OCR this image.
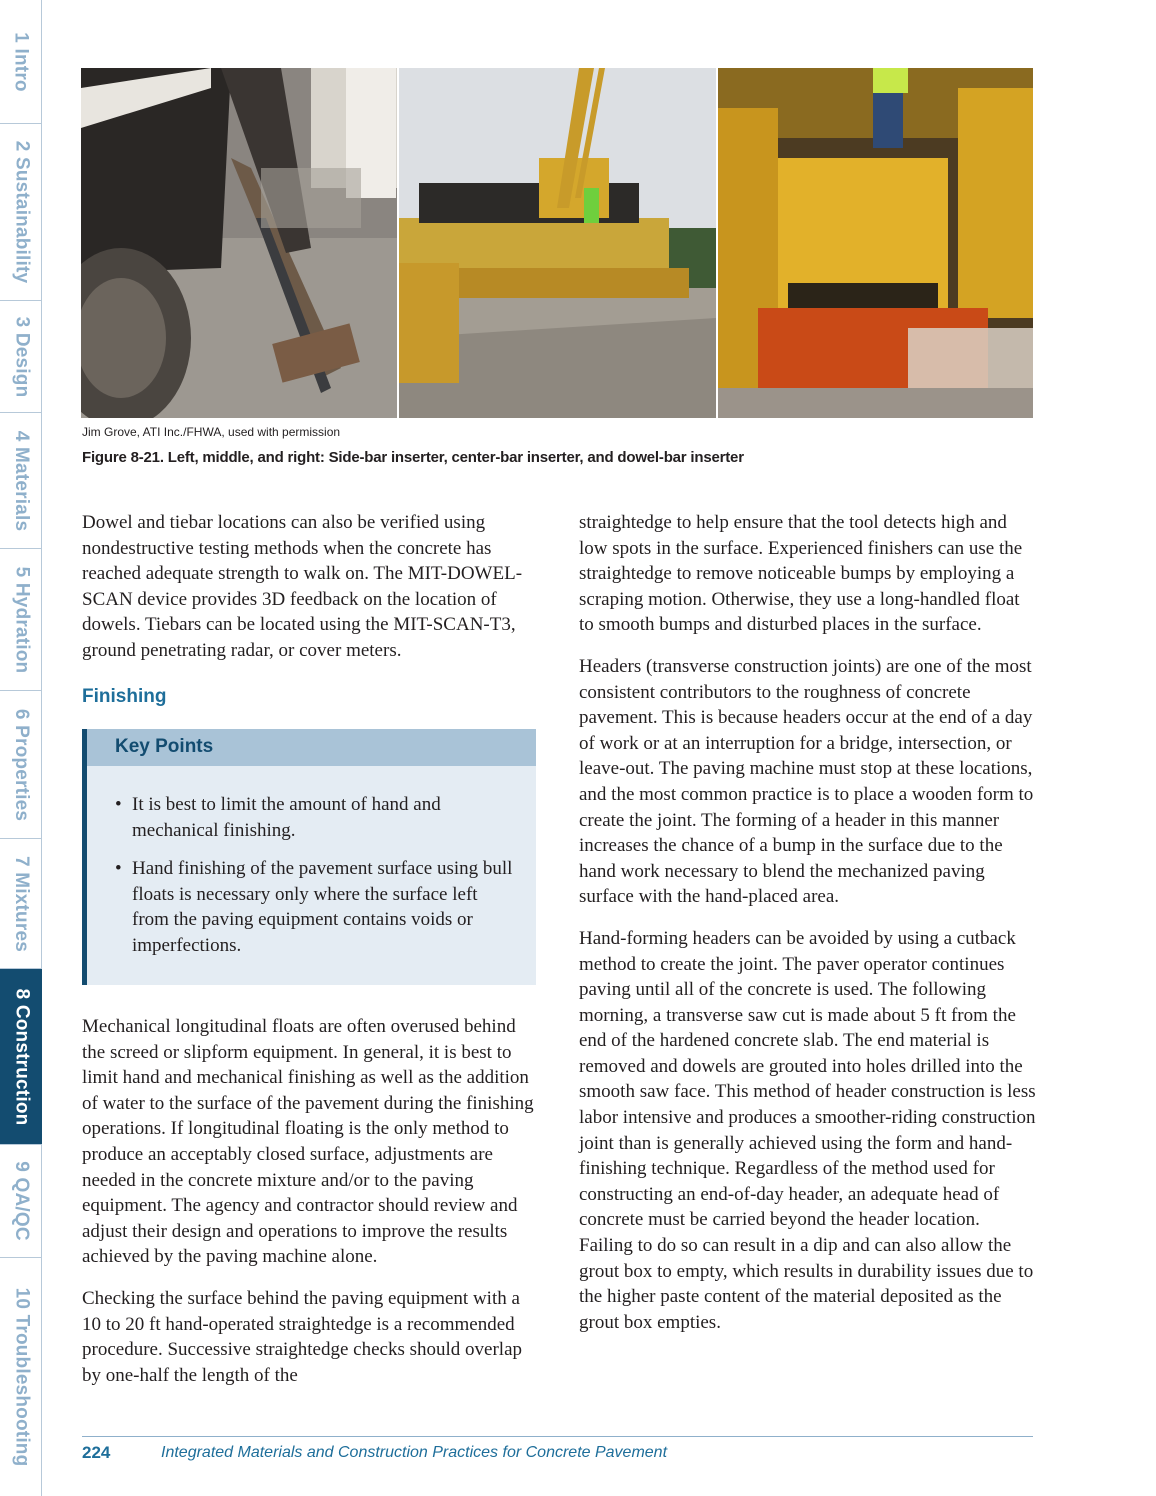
1 Intro
2 Sustainability
3 Design
4 Materials
5 Hydration
6 Properties
7 Mixtures
8 Construction
9 QA/QC
10 Troubleshooting
Jim Grove, ATI Inc./FHWA, used with permission
Figure 8-21. Left, middle, and right: Side-bar inserter, center-bar inserter, and dowel-bar inserter

Dowel and tiebar locations can also be verified using nondestructive testing methods when the concrete has reached adequate strength to walk on. The MIT-DOWEL-SCAN device provides 3D feedback on the location of dowels. Tiebars can be located using the MIT-SCAN-T3, ground penetrating radar, or cover meters.

Finishing
Key Points
• It is best to limit the amount of hand and mechanical finishing.
• Hand finishing of the pavement surface using bull floats is necessary only where the surface left from the paving equipment contains voids or imperfections.

Mechanical longitudinal floats are often overused behind the screed or slipform equipment. In general, it is best to limit hand and mechanical finishing as well as the addition of water to the surface of the pavement during the finishing operations. If longitudinal floating is the only method to produce an acceptably closed surface, adjustments are needed in the concrete mixture and/or to the paving equipment. The agency and contractor should review and adjust their design and operations to improve the results achieved by the paving machine alone.

Checking the surface behind the paving equipment with a 10 to 20 ft hand-operated straightedge is a recommended procedure. Successive straightedge checks should overlap by one-half the length of the

straightedge to help ensure that the tool detects high and low spots in the surface. Experienced finishers can use the straightedge to remove noticeable bumps by employing a scraping motion. Otherwise, they use a long-handled float to smooth bumps and disturbed places in the surface.

Headers (transverse construction joints) are one of the most consistent contributors to the roughness of concrete pavement. This is because headers occur at the end of a day of work or at an interruption for a bridge, intersection, or leave-out. The paving machine must stop at these locations, and the most common practice is to place a wooden form to create the joint. The forming of a header in this manner increases the chance of a bump in the surface due to the hand work necessary to blend the mechanized paving surface with the hand-placed area.

Hand-forming headers can be avoided by using a cutback method to create the joint. The paver operator continues paving until all of the concrete is used. The following morning, a transverse saw cut is made about 5 ft from the end of the hardened concrete slab. The end material is removed and dowels are grouted into holes drilled into the smooth saw face. This method of header construction is less labor intensive and produces a smoother-riding construction joint than is generally achieved using the form and hand-finishing technique. Regardless of the method used for constructing an end-of-day header, an adequate head of concrete must be carried beyond the header location. Failing to do so can result in a dip and can also allow the grout box to empty, which results in durability issues due to the higher paste content of the material deposited as the grout box empties.

224	Integrated Materials and Construction Practices for Concrete Pavement
